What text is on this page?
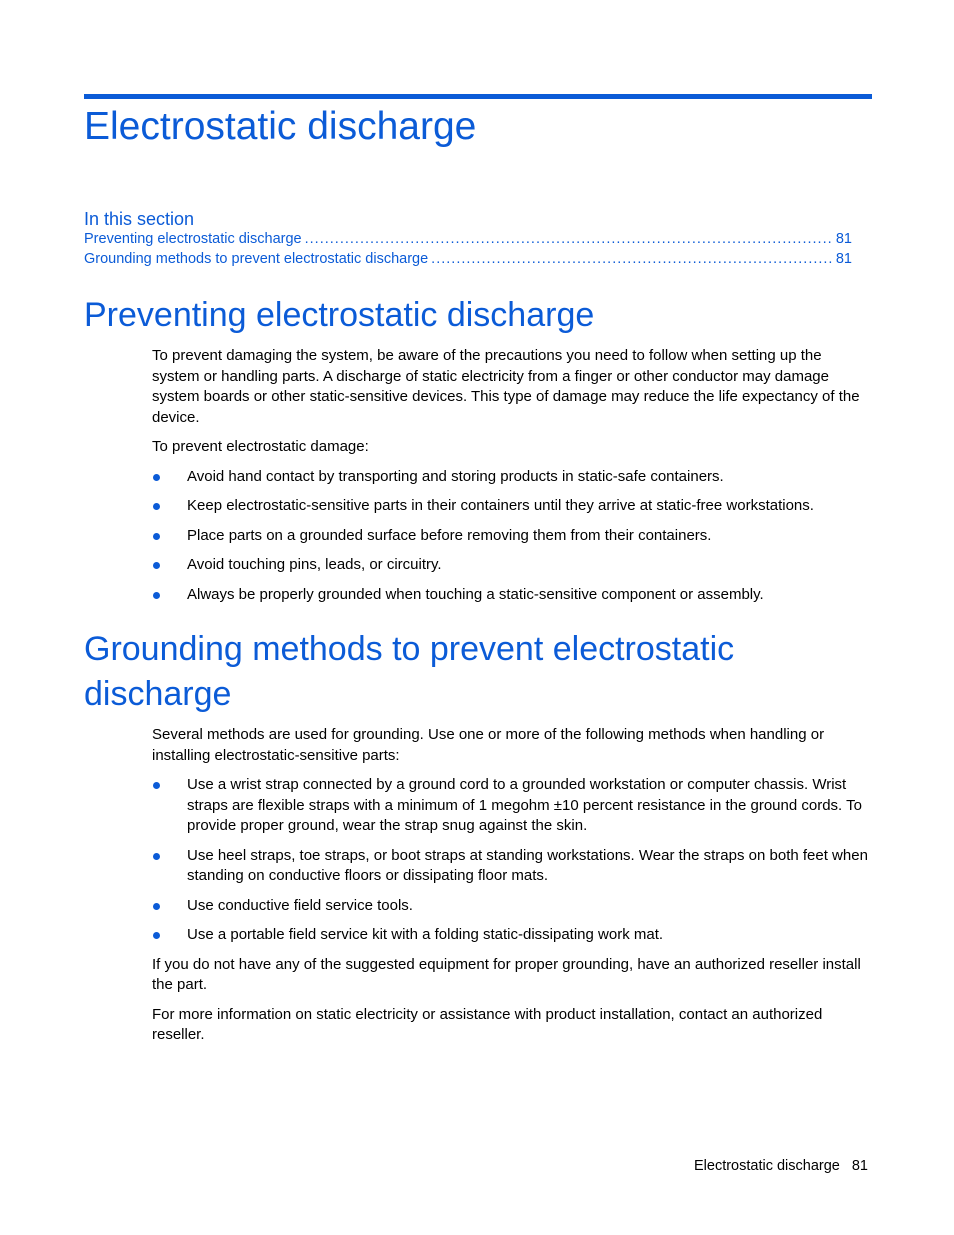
Electrostatic discharge
In this section
Preventing electrostatic discharge .....	81
Grounding methods to prevent electrostatic discharge .....	81
Preventing electrostatic discharge

To prevent damaging the system, be aware of the precautions you need to follow when setting up the system or handling parts. A discharge of static electricity from a finger or other conductor may damage system boards or other static-sensitive devices. This type of damage may reduce the life expectancy of the device.

To prevent electrostatic damage:

Avoid hand contact by transporting and storing products in static-safe containers.
Keep electrostatic-sensitive parts in their containers until they arrive at static-free workstations.
Place parts on a grounded surface before removing them from their containers.
Avoid touching pins, leads, or circuitry.
Always be properly grounded when touching a static-sensitive component or assembly.
Grounding methods to prevent electrostatic
discharge

Several methods are used for grounding. Use one or more of the following methods when handling or installing electrostatic-sensitive parts:

Use a wrist strap connected by a ground cord to a grounded workstation or computer chassis. Wrist straps are flexible straps with a minimum of 1 megohm ±10 percent resistance in the ground cords. To provide proper ground, wear the strap snug against the skin.
Use heel straps, toe straps, or boot straps at standing workstations. Wear the straps on both feet when standing on conductive floors or dissipating floor mats.
Use conductive field service tools.
Use a portable field service kit with a folding static-dissipating work mat.

If you do not have any of the suggested equipment for proper grounding, have an authorized reseller install the part.

For more information on static electricity or assistance with product installation, contact an authorized reseller.

Electrostatic discharge 81
